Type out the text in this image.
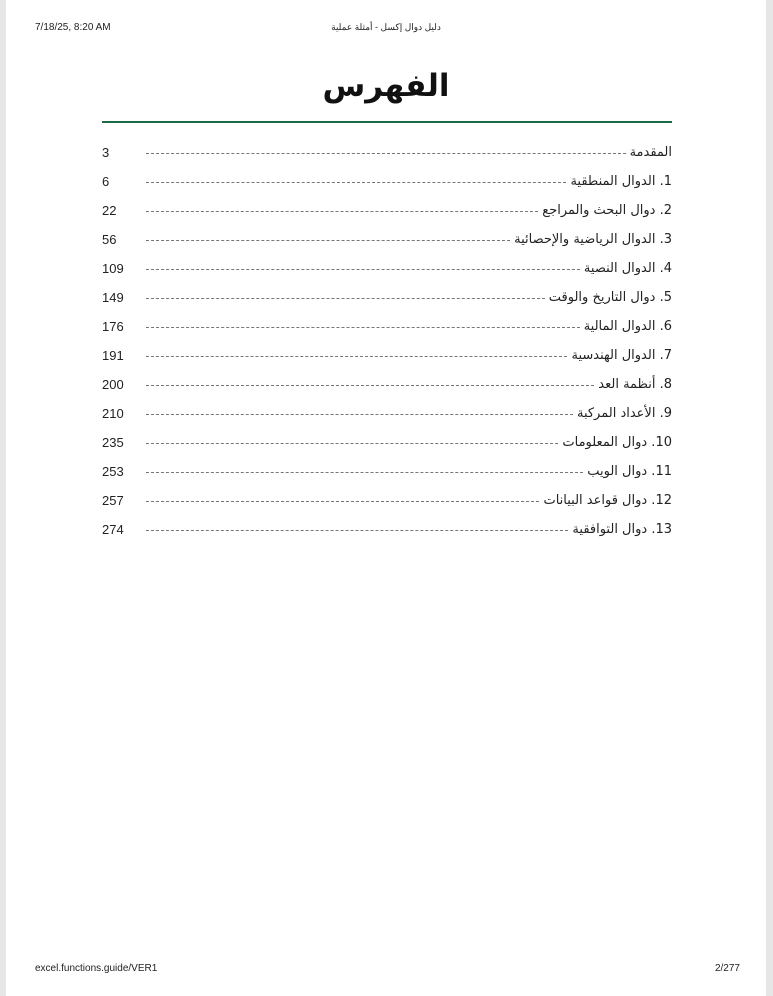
7/18/25, 8:20 AM	دليل دوال إكسل - أمثلة عملية
الفهرس
المقدمة
3
1. الدوال المنطقية
6
2. دوال البحث والمراجع
22
3. الدوال الرياضية والإحصائية
56
4. الدوال النصية
109
5. دوال التاريخ والوقت
149
6. الدوال المالية
176
7. الدوال الهندسية
191
8. أنظمة العد
200
9. الأعداد المركبة
210
10. دوال المعلومات
235
11. دوال الويب
253
12. دوال قواعد البيانات
257
13. دوال التوافقية
274
excel.functions.guide/VER1	2/277
